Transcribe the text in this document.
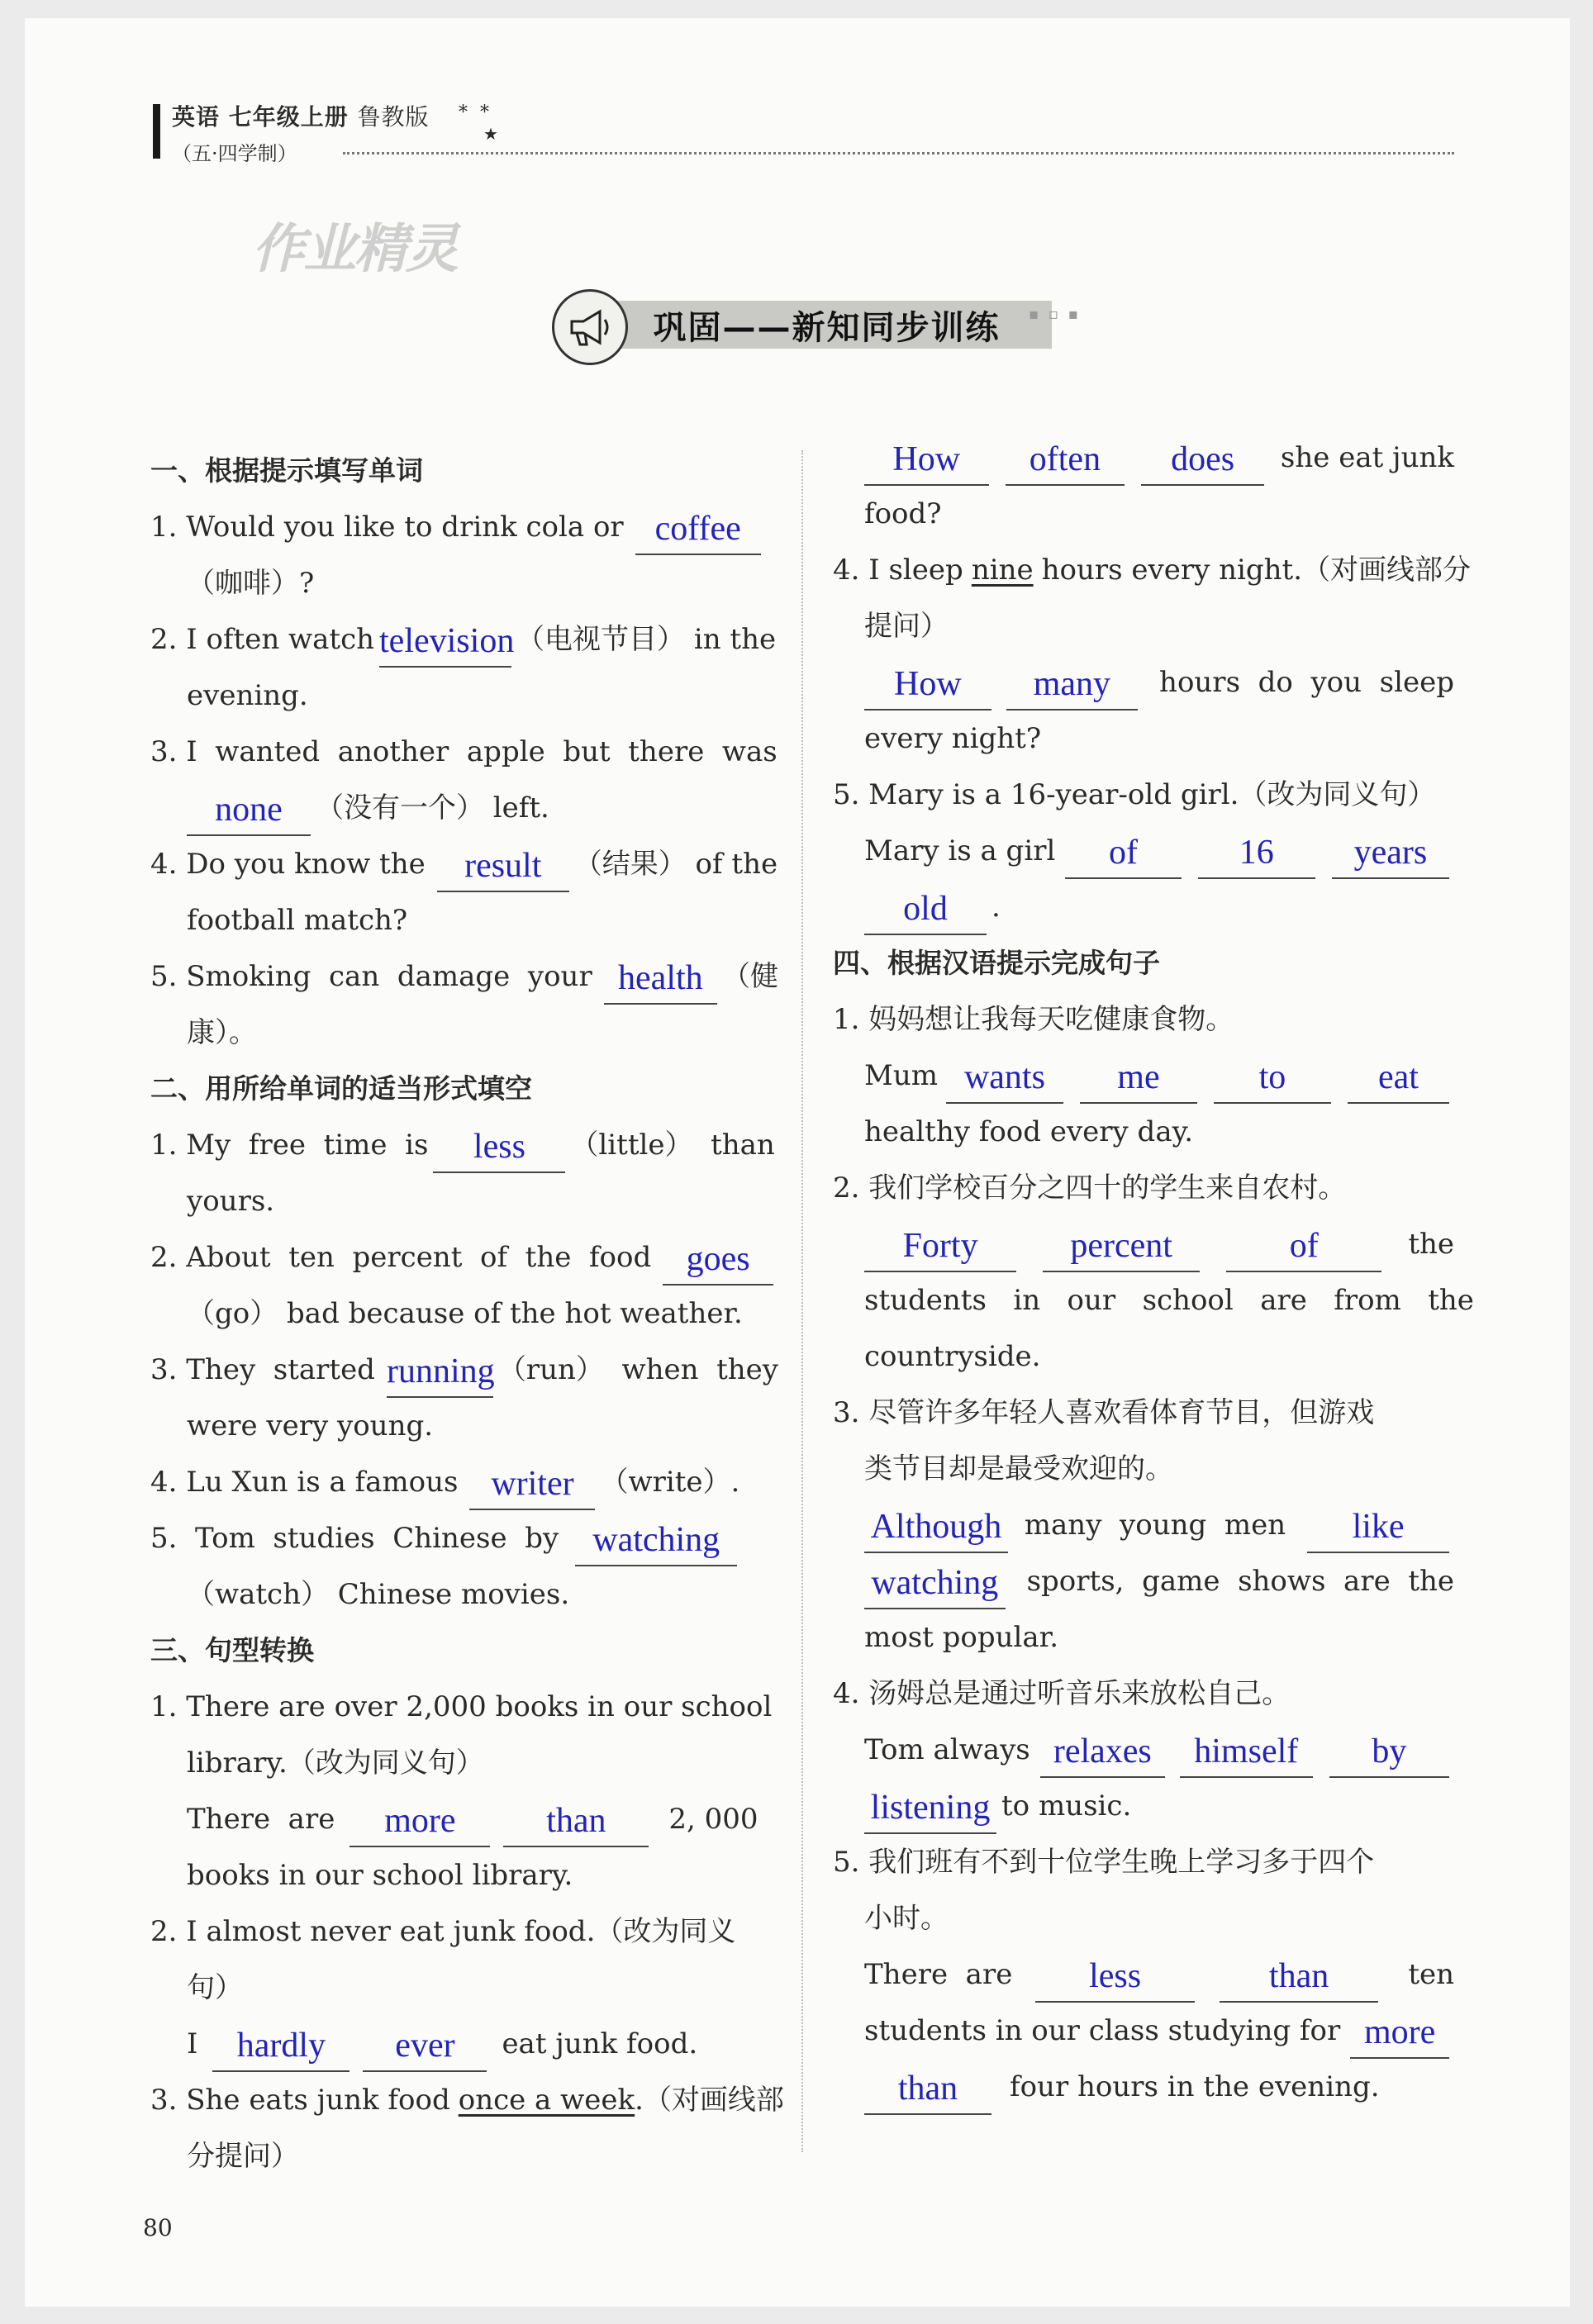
英语 七年级上册 鲁教版 * *
★
（五·四学制）
作业精灵
巩固——新知同步训练 ▪ ▫ ▪
一、根据提示填写单词
1. Would you like to drink cola or coffee
（咖啡）?
2. I often watch television （电视节目） in the
evening.
3. I  wanted  another  apple  but  there  was
none	（没有一个） left.
4. Do you know the	result	（结果） of the
football match?
5. Smoking  can  damage  your health （健
康）。
二、用所给单词的适当形式填空
1. My  free  time  is	less	（little）  than
yours.
2. About  ten  percent  of  the  food	goes
（go） bad because of the hot weather.
3. They  started running （run）  when  they
were very young.
4. Lu Xun is a famous writer （write）.
5.  Tom  studies  Chinese  by watching
（watch） Chinese movies.
三、句型转换
1. There are over 2,000 books in our school
library.（改为同义句）
There  are	more	than	2, 000
books in our school library.
2. I almost never eat junk food.（改为同义
句）
I	hardly	ever	eat junk food.
3. She eats junk food once a week .（对画线部
分提问）
How	often	does	she eat junk
food?
4. I sleep nine hours every night.（对画线部分
提问）
How	many	hours  do  you  sleep
every night?
5. Mary is a 16-year-old girl.（改为同义句）
Mary is a girl	of	16	years
old	.
四、根据汉语提示完成句子
1. 妈妈想让我每天吃健康食物。
Mum wants	me	to	eat
healthy food every day.
2. 我们学校百分之四十的学生来自农村。
Forty	percent	of	the
students   in   our   school   are   from   the
countryside.
3. 尽管许多年轻人喜欢看体育节目，但游戏
类节目却是最受欢迎的。
Although many  young  men	like
watching sports,  game  shows  are  the
most popular.
4. 汤姆总是通过听音乐来放松自己。
Tom always relaxes	himself	by
listening to music.
5. 我们班有不到十位学生晚上学习多于四个
小时。
There  are	less	than	ten
students in our class studying for more
than	four hours in the evening.
80
